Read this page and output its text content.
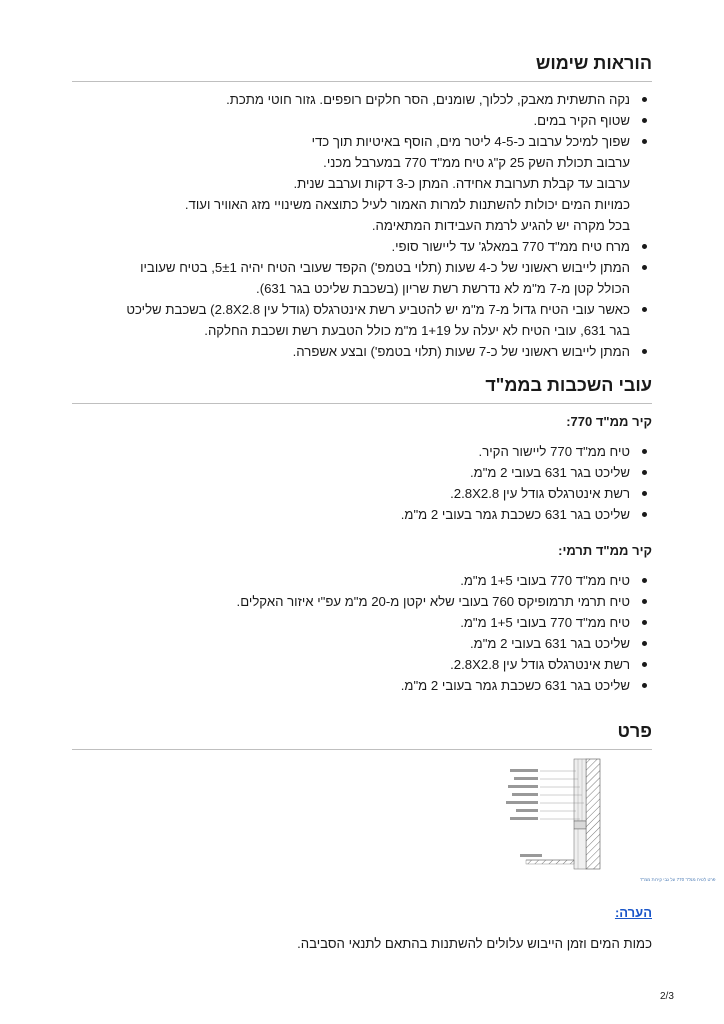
הוראות שימוש
נקה התשתית מאבק, לכלוך, שומנים, הסר חלקים רופפים. גזור חוטי מתכת.
שטוף הקיר במים.
שפוך למיכל ערבוב כ-4-5 ליטר מים, הוסף באיטיות תוך כדי
ערבוב תכולת השק 25 ק"ג טיח ממ"ד 770 במערבל מכני.
ערבוב עד קבלת תערובת אחידה. המתן כ-3 דקות וערבב שנית.
כמויות המים יכולות להשתנות למרות האמור לעיל כתוצאה משינויי מזג האוויר ועוד.
בכל מקרה יש להגיע לרמת העבידות המתאימה.
מרח טיח ממ"ד 770 במאלג' עד ליישור סופי.
המתן לייבוש ראשוני של כ-4 שעות (תלוי בטמפ') הקפד שעובי הטיח יהיה 5±1, בטיח שעוביו
הכולל קטן מ-7 מ"מ לא נדרשת רשת שריון (בשכבת שליכט בגר 631).
כאשר עובי הטיח גדול מ-7 מ"מ יש להטביע רשת אינטרגלס (גודל עין 2.8X2.8) בשכבת שליכט
בגר 631, עובי הטיח לא יעלה על 1+19 מ"מ כולל הטבעת רשת ושכבת החלקה.
המתן לייבוש ראשוני של כ-7 שעות (תלוי בטמפ') ובצע אשפרה.
עובי השכבות בממ"ד
קיר ממ"ד 770:
טיח ממ"ד 770 ליישור הקיר.
שליכט בגר 631 בעובי 2 מ"מ.
רשת אינטרגלס גודל עין 2.8X2.8.
שליכט בגר 631 כשכבת גמר בעובי 2 מ"מ.
קיר ממ"ד תרמי:
טיח ממ"ד 770 בעובי 1+5 מ"מ.
טיח תרמי תרמופיקס 760 בעובי שלא יקטן מ-20 מ"מ עפ"י איזור האקלים.
טיח ממ"ד 770 בעובי 1+5 מ"מ.
שליכט בגר 631 בעובי 2 מ"מ.
רשת אינטרגלס גודל עין 2.8X2.8.
שליכט בגר 631 כשכבת גמר בעובי 2 מ"מ.
פרט
הערה:

כמות המים וזמן הייבוש עלולים להשתנות בהתאם לתנאי הסביבה.

פרט לטיח ממ"ד 770 על גבי קירות ממ"ד
2/3
